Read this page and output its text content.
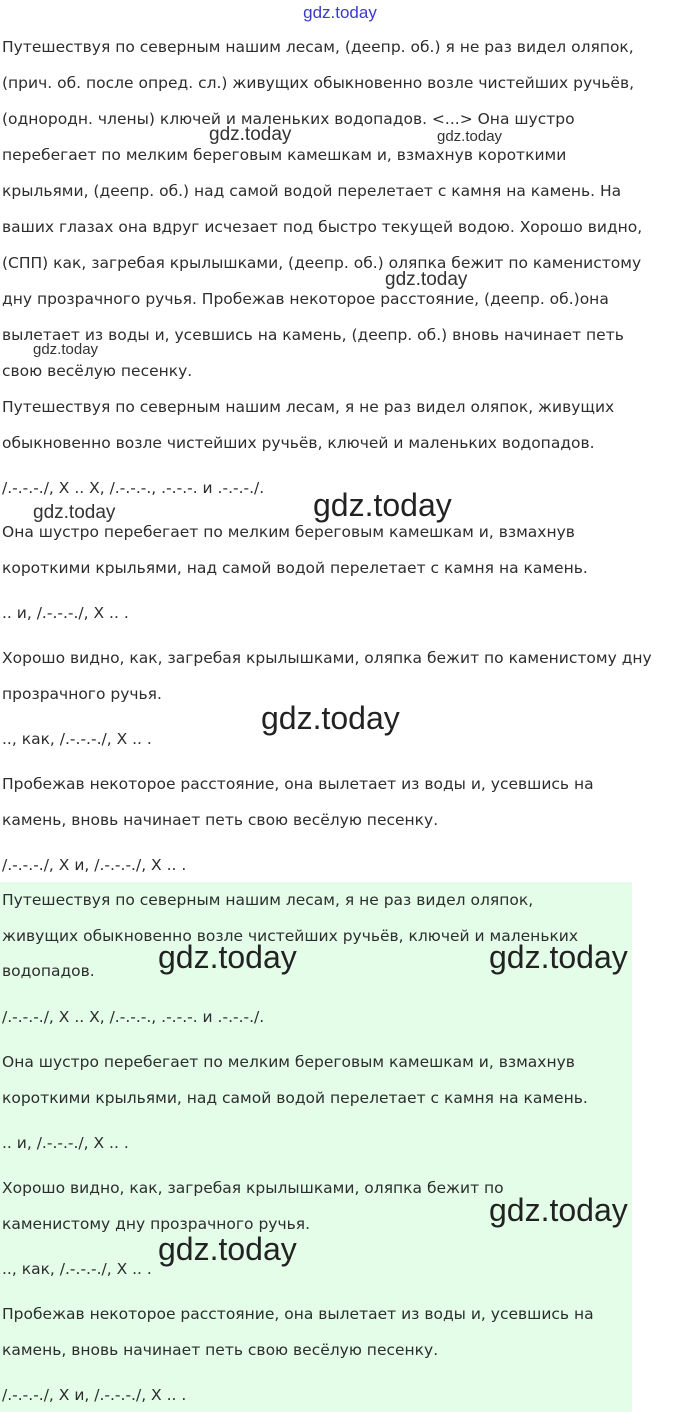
gdz.today
Путешествуя по северным нашим лесам, (деепр. об.) я не раз видел оляпок,
(прич. об. после опред. сл.) живущих обыкновенно возле чистейших ручьёв,
(однородн. члены) ключей и маленьких водопадов. <...> Она шустро
перебегает по мелким береговым камешкам и, взмахнув короткими
крыльями, (деепр. об.) над самой водой перелетает с камня на камень. На
ваших глазах она вдруг исчезает под быстро текущей водою. Хорошо видно,
(СПП) как, загребая крылышками, (деепр. об.) оляпка бежит по каменистому
дну прозрачного ручья. Пробежав некоторое расстояние, (деепр. об.)она
вылетает из воды и, усевшись на камень, (деепр. об.) вновь начинает петь
свою весёлую песенку.
Путешествуя по северным нашим лесам, я не раз видел оляпок, живущих
обыкновенно возле чистейших ручьёв, ключей и маленьких водопадов.
/.-.-.-./, X .. X, /.-.-.-., .-.-.-. и .-.-.-./.
Она шустро перебегает по мелким береговым камешкам и, взмахнув
короткими крыльями, над самой водой перелетает с камня на камень.
.. и, /.-.-.-./, X .. .
Хорошо видно, как, загребая крылышками, оляпка бежит по каменистому дну
прозрачного ручья.
.., как, /.-.-.-./, X .. .
Пробежав некоторое расстояние, она вылетает из воды и, усевшись на
камень, вновь начинает петь свою весёлую песенку.
/.-.-.-./, X и, /.-.-.-./, X .. .
Путешествуя по северным нашим лесам, я не раз видел оляпок,
живущих обыкновенно возле чистейших ручьёв, ключей и маленьких
водопадов.
/.-.-.-./, X .. X, /.-.-.-., .-.-.-. и .-.-.-./.
Она шустро перебегает по мелким береговым камешкам и, взмахнув
короткими крыльями, над самой водой перелетает с камня на камень.
.. и, /.-.-.-./, X .. .
Хорошо видно, как, загребая крылышками, оляпка бежит по
каменистому дну прозрачного ручья.
.., как, /.-.-.-./, X .. .
Пробежав некоторое расстояние, она вылетает из воды и, усевшись на
камень, вновь начинает петь свою весёлую песенку.
/.-.-.-./, X и, /.-.-.-./, X .. .
gdz.today	gdz.today
gdz.today
gdz.today
gdz.today	gdz.today
gdz.today
gdz.today	gdz.today
gdz.today
gdz.today
